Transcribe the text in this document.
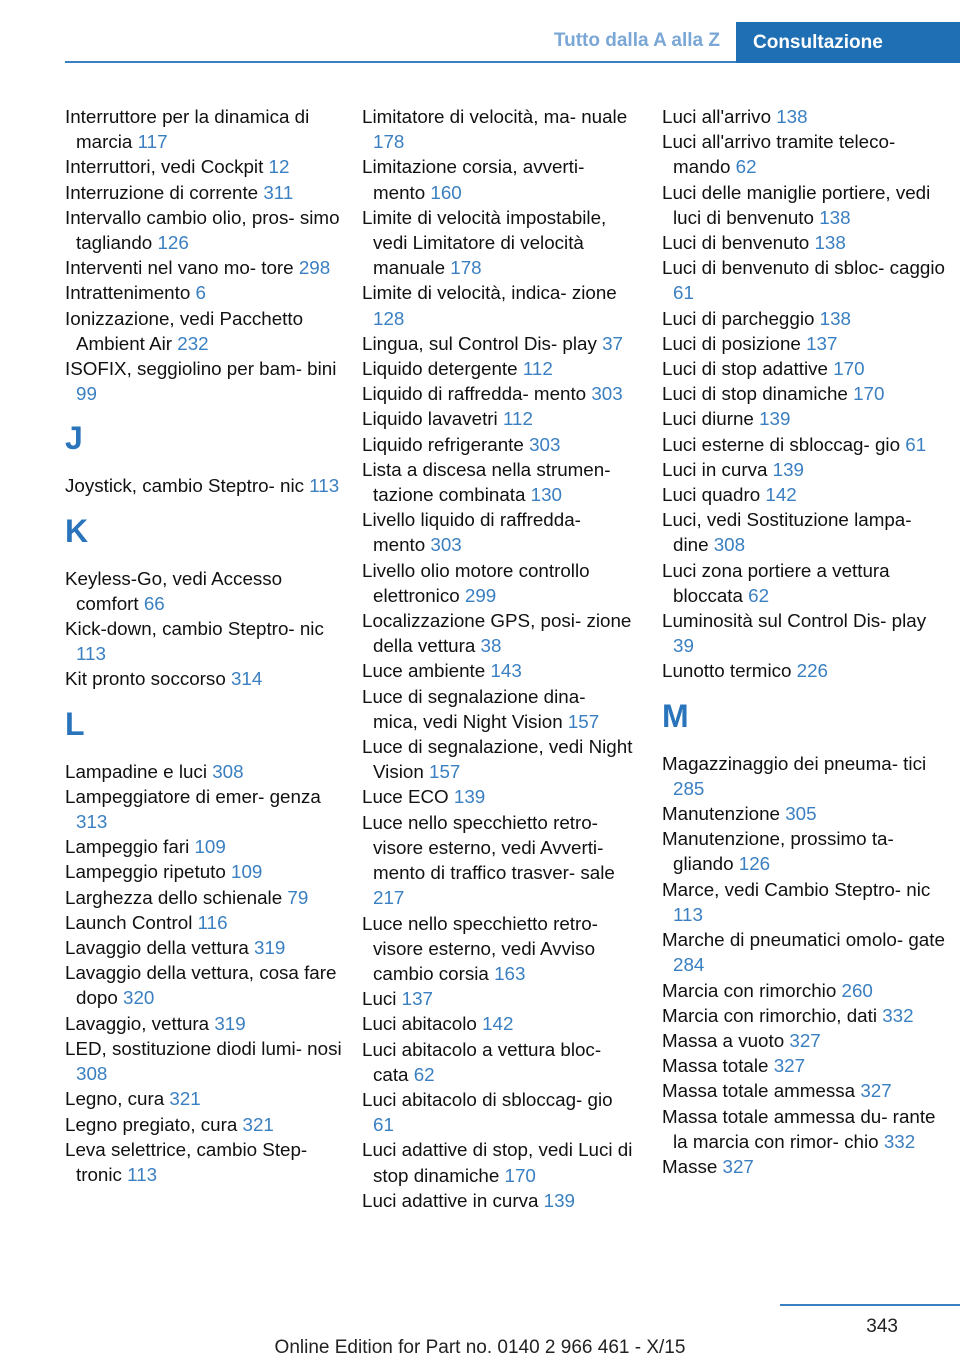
Tutto dalla A alla Z Consultazione
Interruttore per la dinamica di marcia 117
Interruttori, vedi Cockpit 12
Interruzione di corrente 311
Intervallo cambio olio, pros‐ simo tagliando 126
Interventi nel vano mo‐ tore 298
Intrattenimento 6
Ionizzazione, vedi Pacchetto Ambient Air 232
ISOFIX, seggiolino per bam‐ bini 99
J
Joystick, cambio Steptro‐ nic 113
K
Keyless-Go, vedi Accesso comfort 66
Kick-down, cambio Steptro‐ nic 113
Kit pronto soccorso 314
L
Lampadine e luci 308
Lampeggiatore di emer‐ genza 313
Lampeggio fari 109
Lampeggio ripetuto 109
Larghezza dello schienale 79
Launch Control 116
Lavaggio della vettura 319
Lavaggio della vettura, cosa fare dopo 320
Lavaggio, vettura 319
LED, sostituzione diodi lumi‐ nosi 308
Legno, cura 321
Legno pregiato, cura 321
Leva selettrice, cambio Step‐ tronic 113
Limitatore di velocità, ma‐ nuale 178
Limitazione corsia, avverti‐ mento 160
Limite di velocità impostabile, vedi Limitatore di velocità manuale 178
Limite di velocità, indica‐ zione 128
Lingua, sul Control Dis‐ play 37
Liquido detergente 112
Liquido di raffredda‐ mento 303
Liquido lavavetri 112
Liquido refrigerante 303
Lista a discesa nella strumen‐ tazione combinata 130
Livello liquido di raffredda‐ mento 303
Livello olio motore controllo elettronico 299
Localizzazione GPS, posi‐ zione della vettura 38
Luce ambiente 143
Luce di segnalazione dina‐ mica, vedi Night Vision 157
Luce di segnalazione, vedi Night Vision 157
Luce ECO 139
Luce nello specchietto retro‐ visore esterno, vedi Avverti‐ mento di traffico trasver‐ sale 217
Luce nello specchietto retro‐ visore esterno, vedi Avviso cambio corsia 163
Luci 137
Luci abitacolo 142
Luci abitacolo a vettura bloc‐ cata 62
Luci abitacolo di sbloccag‐ gio 61
Luci adattive di stop, vedi Luci di stop dinamiche 170
Luci adattive in curva 139
Luci all'arrivo 138
Luci all'arrivo tramite teleco‐ mando 62
Luci delle maniglie portiere, vedi luci di benvenuto 138
Luci di benvenuto 138
Luci di benvenuto di sbloc‐ caggio 61
Luci di parcheggio 138
Luci di posizione 137
Luci di stop adattive 170
Luci di stop dinamiche 170
Luci diurne 139
Luci esterne di sbloccag‐ gio 61
Luci in curva 139
Luci quadro 142
Luci, vedi Sostituzione lampa‐ dine 308
Luci zona portiere a vettura bloccata 62
Luminosità sul Control Dis‐ play 39
Lunotto termico 226
M
Magazzinaggio dei pneuma‐ tici 285
Manutenzione 305
Manutenzione, prossimo ta‐ gliando 126
Marce, vedi Cambio Steptro‐ nic 113
Marche di pneumatici omolo‐ gate 284
Marcia con rimorchio 260
Marcia con rimorchio, dati 332
Massa a vuoto 327
Massa totale 327
Massa totale ammessa 327
Massa totale ammessa du‐ rante la marcia con rimor‐ chio 332
Masse 327
343
Online Edition for Part no. 0140 2 966 461 - X/15
